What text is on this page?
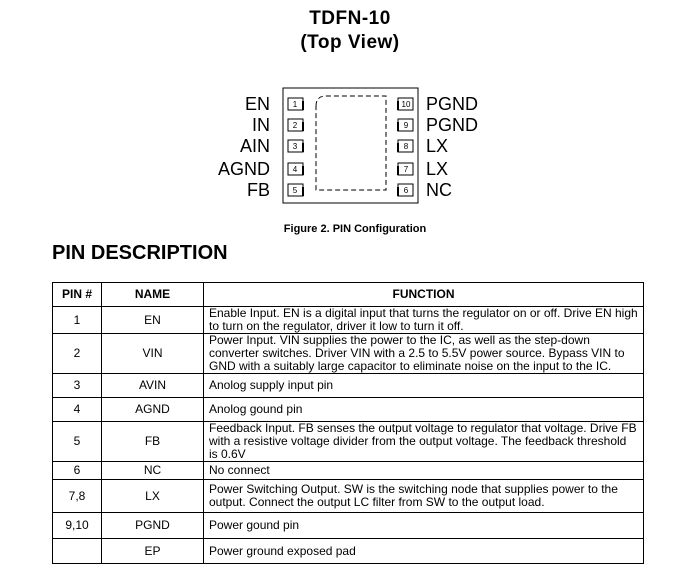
TDFN-10
(Top View)
EN	1
IN	2
AIN	3
AGND	4
FB	5
10 PGND
9 PGND
8 LX
7 LX
6 NC
Figure 2. PIN Configuration
PIN DESCRIPTION
PIN #	NAME	FUNCTION
1	EN	Enable Input. EN is a digital input that turns the regulator on or off. Drive EN high to turn on the regulator, driver it low to turn it off.
2	VIN	Power Input. VIN supplies the power to the IC, as well as the step-down converter switches. Driver VIN with a 2.5 to 5.5V power source. Bypass VIN to GND with a suitably large capacitor to eliminate noise on the input to the IC.
3	AVIN	Anolog supply input pin
4	AGND	Anolog gound pin
5	FB	Feedback Input. FB senses the output voltage to regulator that voltage. Drive FB with a resistive voltage divider from the output voltage. The feedback threshold is 0.6V
6	NC	No connect
7,8	LX	Power Switching Output. SW is the switching node that supplies power to the output. Connect the output LC filter from SW to the output load.
9,10	PGND	Power gound pin
	EP	Power ground exposed pad
